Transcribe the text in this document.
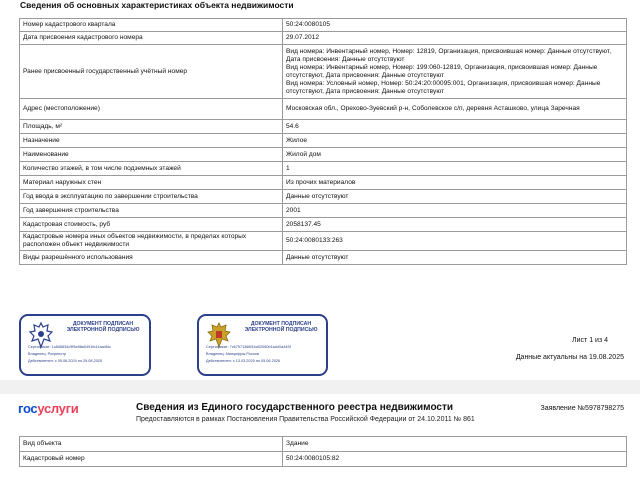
Сведения об основных характеристиках объекта недвижимости
Номер кадастрового квартала	50:24:0080105
Дата присвоения кадастрового номера	29.07.2012
Ранее присвоенный государственный учётный номер	Вид номера: Инвентарный номер, Номер: 12819, Организация, присвоившая номер: Данные отсутствуют, Дата присвоения: Данные отсутствуют
Вид номера: Инвентарный номер, Номер: 199:060-12819, Организация, присвоившая номер: Данные отсутствуют, Дата присвоения: Данные отсутствуют
Вид номера: Условный номер, Номер: 50:24:20:00095:001, Организация, присвоившая номер: Данные отсутствуют, Дата присвоения: Данные отсутствуют
Адрес (местоположение)	Московская обл., Орехово-Зуевский р-н, Соболевское с/п, деревня Асташково, улица Заречная
Площадь, м²	54.6
Назначение	Жилое
Наименование	Жилой дом
Количество этажей, в том числе подземных этажей	1
Материал наружных стен	Из прочих материалов
Год ввода в эксплуатацию по завершении строительства	Данные отсутствуют
Год завершения строительства	2001
Кадастровая стоимость, руб	2058137.45
Кадастровые номера иных объектов недвижимости, в пределах которых расположен объект недвижимости	50:24:0080133:263
Виды разрешённого использования	Данные отсутствуют
ДОКУМЕНТ ПОДПИСАН ЭЛЕКТРОННОЙ ПОДПИСЬЮ
Сертификат: 1c8d5834c9f5e88a0491fc41aa4f4c
Владелец: Росреестр
Действителен: с 05.06.2024 по 29.08.2025
ДОКУМЕНТ ПОДПИСАН ЭЛЕКТРОННОЙ ПОДПИСЬЮ
Сертификат: 7c67571368f1bd02080b1ad40a445f
Владелец: Минцифры России
Действителен: с 13.03.2025 по 05.06.2026
Лист 1 из 4
Данные актуальны на 19.08.2025
госуслуги	Сведения из Единого государственного реестра недвижимости
Предоставляются в рамках Постановления Правительства Российской Федерации от 24.10.2011 № 861
Заявление №5978798275
Вид объекта	Здание
Кадастровый номер	50:24:0080105:82
